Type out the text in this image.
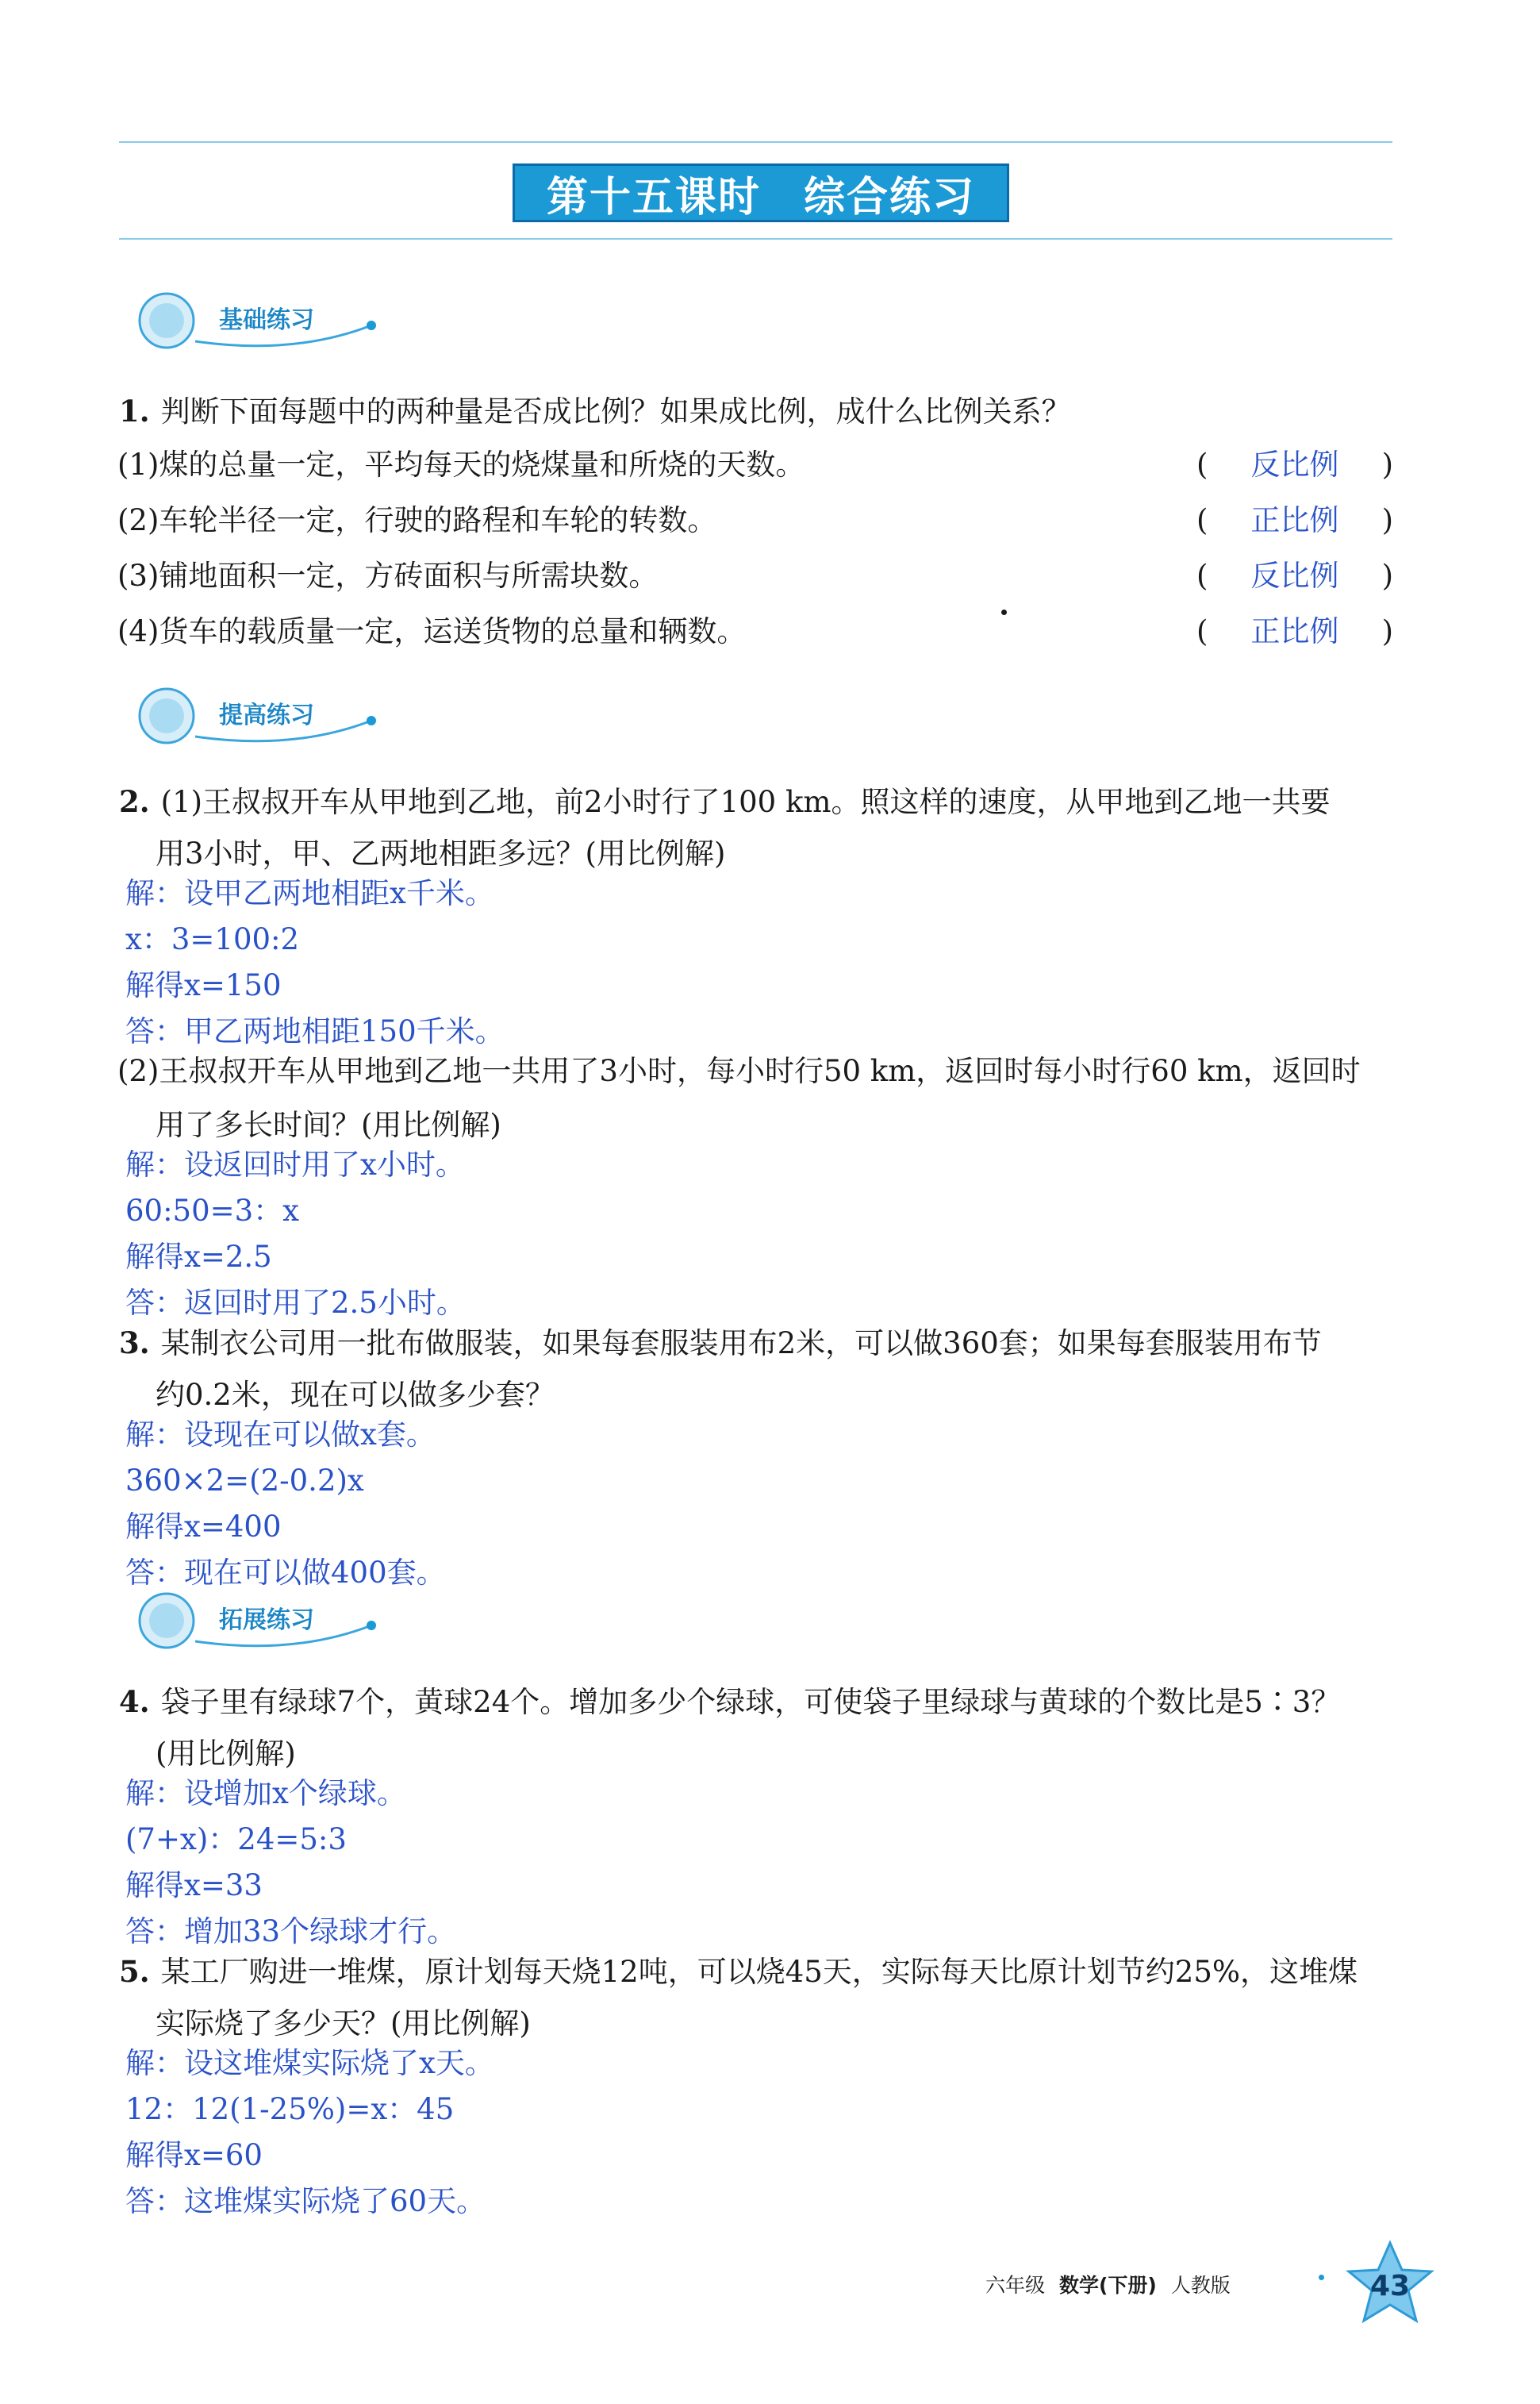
第十五课时　综合练习
基础练习
1. 判断下面每题中的两种量是否成比例？如果成比例，成什么比例关系？
(1)煤的总量一定，平均每天的烧煤量和所烧的天数。	( 反比例 )
(2)车轮半径一定，行驶的路程和车轮的转数。	( 正比例 )
(3)铺地面积一定，方砖面积与所需块数。	( 反比例 )
(4)货车的载质量一定，运送货物的总量和辆数。	( 正比例 )
提高练习
2. (1)王叔叔开车从甲地到乙地，前2小时行了100 km。照这样的速度，从甲地到乙地一共要
用3小时，甲、乙两地相距多远？(用比例解)
解：设甲乙两地相距x千米。
x：3=100:2
解得x=150
答：甲乙两地相距150千米。
(2)王叔叔开车从甲地到乙地一共用了3小时，每小时行50 km，返回时每小时行60 km，返回时
用了多长时间？(用比例解)
解：设返回时用了x小时。
60:50=3：x
解得x=2.5
答：返回时用了2.5小时。
3. 某制衣公司用一批布做服装，如果每套服装用布2米，可以做360套；如果每套服装用布节
约0.2米，现在可以做多少套？
解：设现在可以做x套。
360×2=(2-0.2)x
解得x=400
答：现在可以做400套。
拓展练习
4. 袋子里有绿球7个，黄球24个。增加多少个绿球，可使袋子里绿球与黄球的个数比是5∶3？
(用比例解)
解：设增加x个绿球。
(7+x)：24=5:3
解得x=33
答：增加33个绿球才行。
5. 某工厂购进一堆煤，原计划每天烧12吨，可以烧45天，实际每天比原计划节约25%，这堆煤
实际烧了多少天？(用比例解)
解：设这堆煤实际烧了x天。
12：12(1-25%)=x：45
解得x=60
答：这堆煤实际烧了60天。
六年级 数学(下册) 人教版	43
